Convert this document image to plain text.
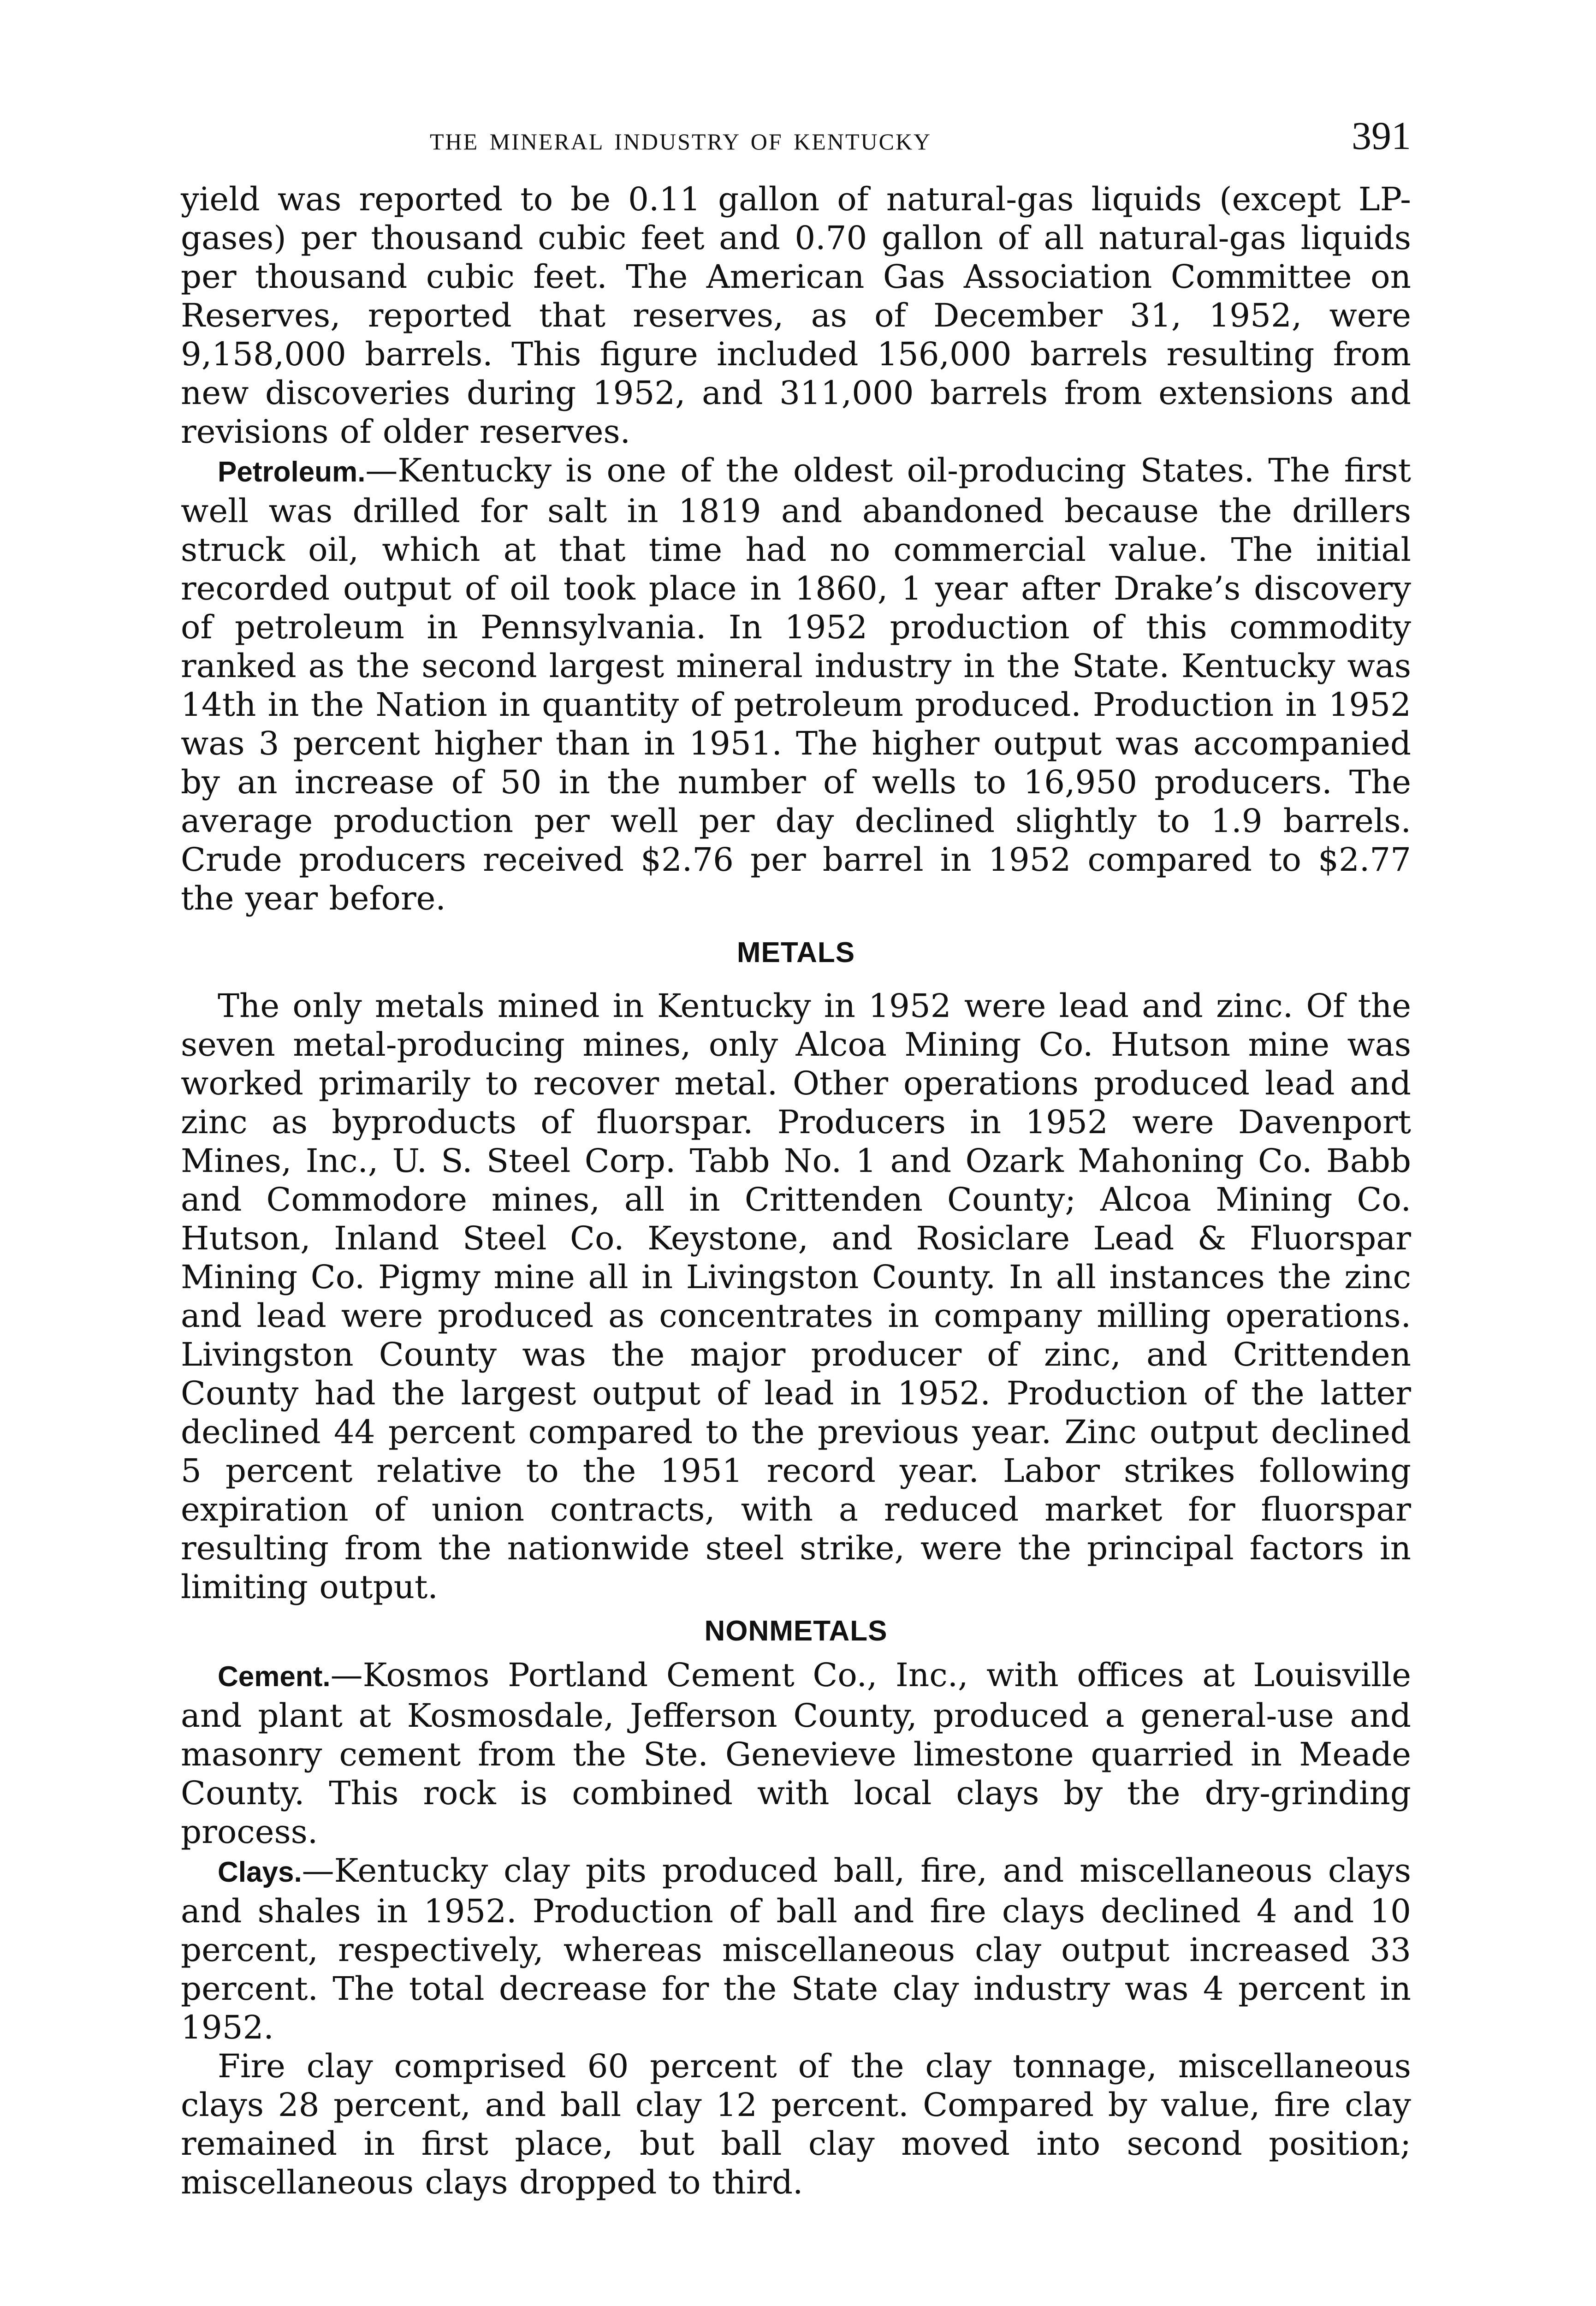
THE MINERAL INDUSTRY OF KENTUCKY	391

yield was reported to be 0.11 gallon of natural-gas liquids (except LP-gases) per thousand cubic feet and 0.70 gallon of all natural-gas liquids per thousand cubic feet. The American Gas Association Committee on Reserves, reported that reserves, as of December 31, 1952, were 9,158,000 barrels. This figure included 156,000 barrels resulting from new discoveries during 1952, and 311,000 barrels from extensions and revisions of older reserves.

Petroleum.—Kentucky is one of the oldest oil-producing States. The first well was drilled for salt in 1819 and abandoned because the drillers struck oil, which at that time had no commercial value. The initial recorded output of oil took place in 1860, 1 year after Drake’s discovery of petroleum in Pennsylvania. In 1952 production of this commodity ranked as the second largest mineral industry in the State. Kentucky was 14th in the Nation in quantity of petroleum produced. Production in 1952 was 3 percent higher than in 1951. The higher output was accompanied by an increase of 50 in the number of wells to 16,950 producers. The average production per well per day declined slightly to 1.9 barrels. Crude producers received $2.76 per barrel in 1952 compared to $2.77 the year before.

METALS

The only metals mined in Kentucky in 1952 were lead and zinc. Of the seven metal-producing mines, only Alcoa Mining Co. Hutson mine was worked primarily to recover metal. Other operations produced lead and zinc as byproducts of fluorspar. Producers in 1952 were Davenport Mines, Inc., U. S. Steel Corp. Tabb No. 1 and Ozark Mahoning Co. Babb and Commodore mines, all in Crittenden County; Alcoa Mining Co. Hutson, Inland Steel Co. Keystone, and Rosiclare Lead & Fluorspar Mining Co. Pigmy mine all in Livingston County. In all instances the zinc and lead were produced as concentrates in company milling operations. Livingston County was the major producer of zinc, and Crittenden County had the largest output of lead in 1952. Production of the latter declined 44 percent compared to the previous year. Zinc output declined 5 percent relative to the 1951 record year. Labor strikes following expiration of union contracts, with a reduced market for fluorspar resulting from the nationwide steel strike, were the principal factors in limiting output.

NONMETALS

Cement.—Kosmos Portland Cement Co., Inc., with offices at Louisville and plant at Kosmosdale, Jefferson County, produced a general-use and masonry cement from the Ste. Genevieve limestone quarried in Meade County. This rock is combined with local clays by the dry-grinding process.

Clays.—Kentucky clay pits produced ball, fire, and miscellaneous clays and shales in 1952. Production of ball and fire clays declined 4 and 10 percent, respectively, whereas miscellaneous clay output increased 33 percent. The total decrease for the State clay industry was 4 percent in 1952.

Fire clay comprised 60 percent of the clay tonnage, miscellaneous clays 28 percent, and ball clay 12 percent. Compared by value, fire clay remained in first place, but ball clay moved into second position; miscellaneous clays dropped to third.
